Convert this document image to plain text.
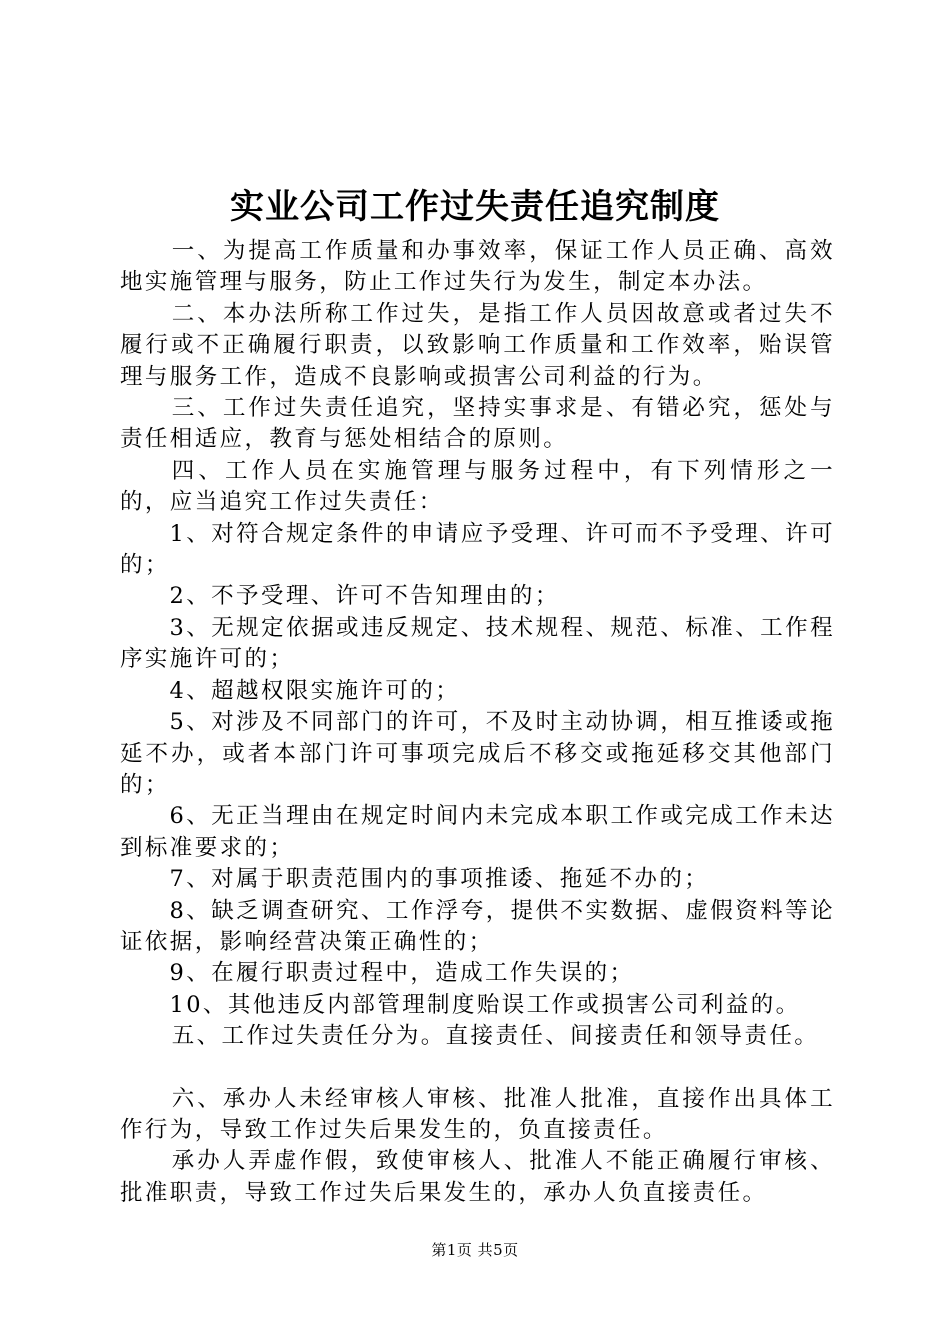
实业公司工作过失责任追究制度

一、为提高工作质量和办事效率，保证工作人员正确、高效地实施管理与服务，防止工作过失行为发生，制定本办法。

二、本办法所称工作过失，是指工作人员因故意或者过失不履行或不正确履行职责，以致影响工作质量和工作效率，贻误管理与服务工作，造成不良影响或损害公司利益的行为。

三、工作过失责任追究，坚持实事求是、有错必究，惩处与责任相适应，教育与惩处相结合的原则。

四、工作人员在实施管理与服务过程中，有下列情形之一的，应当追究工作过失责任：

1、对符合规定条件的申请应予受理、许可而不予受理、许可的；

2、不予受理、许可不告知理由的；

3、无规定依据或违反规定、技术规程、规范、标准、工作程序实施许可的；

4、超越权限实施许可的；

5、对涉及不同部门的许可，不及时主动协调，相互推诿或拖延不办，或者本部门许可事项完成后不移交或拖延移交其他部门的；

6、无正当理由在规定时间内未完成本职工作或完成工作未达到标准要求的；

7、对属于职责范围内的事项推诿、拖延不办的；

8、缺乏调查研究、工作浮夸，提供不实数据、虚假资料等论证依据，影响经营决策正确性的；

9、在履行职责过程中，造成工作失误的；

10、其他违反内部管理制度贻误工作或损害公司利益的。

五、工作过失责任分为。直接责任、间接责任和领导责任。

六、承办人未经审核人审核、批准人批准，直接作出具体工作行为，导致工作过失后果发生的，负直接责任。

承办人弄虚作假，致使审核人、批准人不能正确履行审核、批准职责，导致工作过失后果发生的，承办人负直接责任。

第1页 共5页
